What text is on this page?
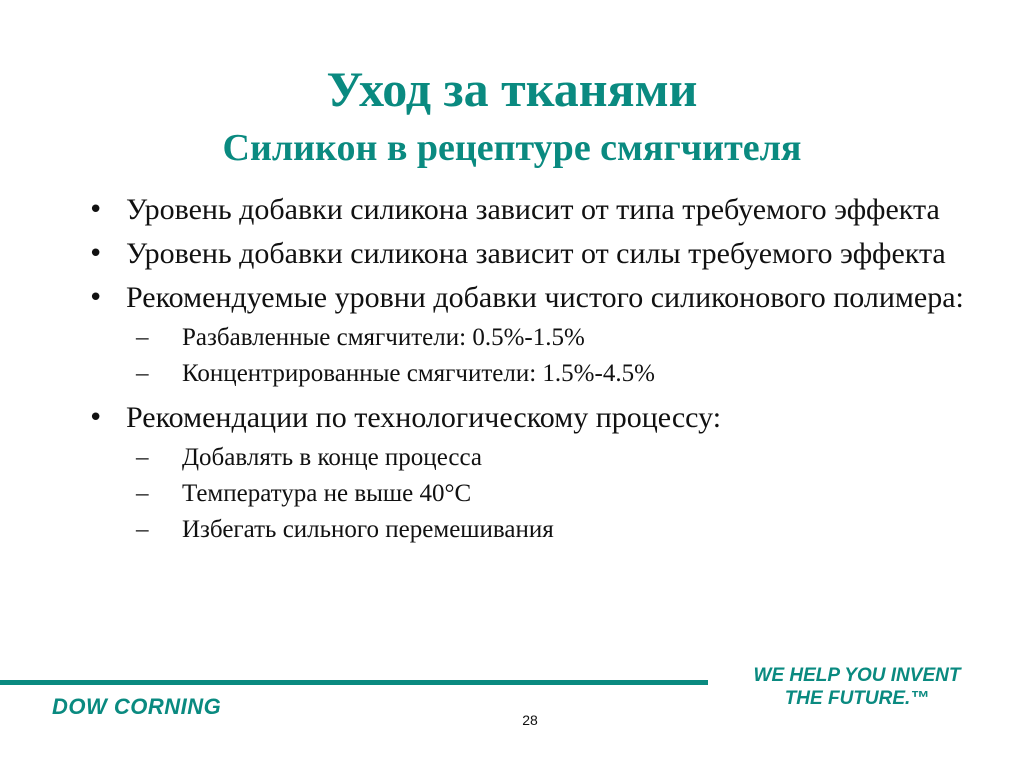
Уход за тканями
Силикон в рецептуре смягчителя
• Уровень добавки силикона зависит от типа требуемого эффекта
• Уровень добавки силикона зависит от силы требуемого эффекта
• Рекомендуемые уровни добавки чистого силиконового полимера:
– Разбавленные смягчители: 0.5%-1.5%
– Концентрированные смягчители: 1.5%-4.5%
• Рекомендации по технологическому процессу:
– Добавлять в конце процесса
– Температура не выше 40°С
– Избегать сильного перемешивания
DOW CORNING
WE HELP YOU INVENT
THE FUTURE.™
28
